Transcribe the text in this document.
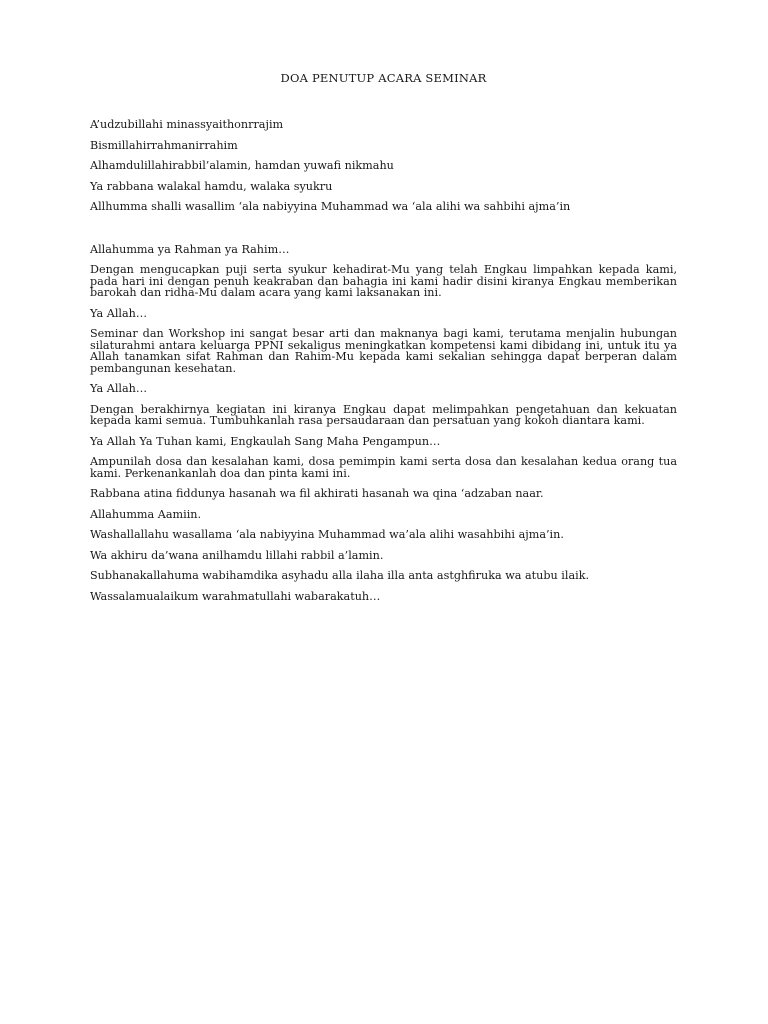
DOA PENUTUP ACARA SEMINAR

A’udzubillahi minassyaithonrrajim

Bismillahirrahmanirrahim

Alhamdulillahirabbil’alamin, hamdan yuwafi nikmahu

Ya rabbana walakal hamdu, walaka syukru

Allhumma shalli wasallim ‘ala nabiyyina Muhammad wa ‘ala alihi wa sahbihi ajma’in

Allahumma ya Rahman ya Rahim…

Dengan mengucapkan puji serta syukur kehadirat-Mu yang telah Engkau limpahkan kepada kami, pada hari ini dengan penuh keakraban dan bahagia ini kami hadir disini kiranya Engkau memberikan barokah dan ridha-Mu dalam acara yang kami laksanakan ini.

Ya Allah…

Seminar dan Workshop ini sangat besar arti dan maknanya bagi kami, terutama menjalin hubungan silaturahmi antara keluarga PPNI sekaligus meningkatkan kompetensi kami dibidang ini, untuk itu ya Allah tanamkan sifat Rahman dan Rahim-Mu kepada kami sekalian sehingga dapat berperan dalam pembangunan kesehatan.

Ya Allah…

Dengan berakhirnya kegiatan ini kiranya Engkau dapat melimpahkan pengetahuan dan kekuatan kepada kami semua. Tumbuhkanlah rasa persaudaraan dan persatuan yang kokoh diantara kami.

Ya Allah Ya Tuhan kami, Engkaulah Sang Maha Pengampun…

Ampunilah dosa dan kesalahan kami, dosa pemimpin kami serta dosa dan kesalahan kedua orang tua kami. Perkenankanlah doa dan pinta kami ini.

Rabbana atina fiddunya hasanah wa fil akhirati hasanah wa qina ‘adzaban naar.

Allahumma Aamiin.

Washallallahu wasallama ‘ala nabiyyina Muhammad wa’ala alihi wasahbihi ajma’in.

Wa akhiru da’wana anilhamdu lillahi rabbil a’lamin.

Subhanakallahuma wabihamdika asyhadu alla ilaha illa anta astghfiruka wa atubu ilaik.

Wassalamualaikum warahmatullahi wabarakatuh…
